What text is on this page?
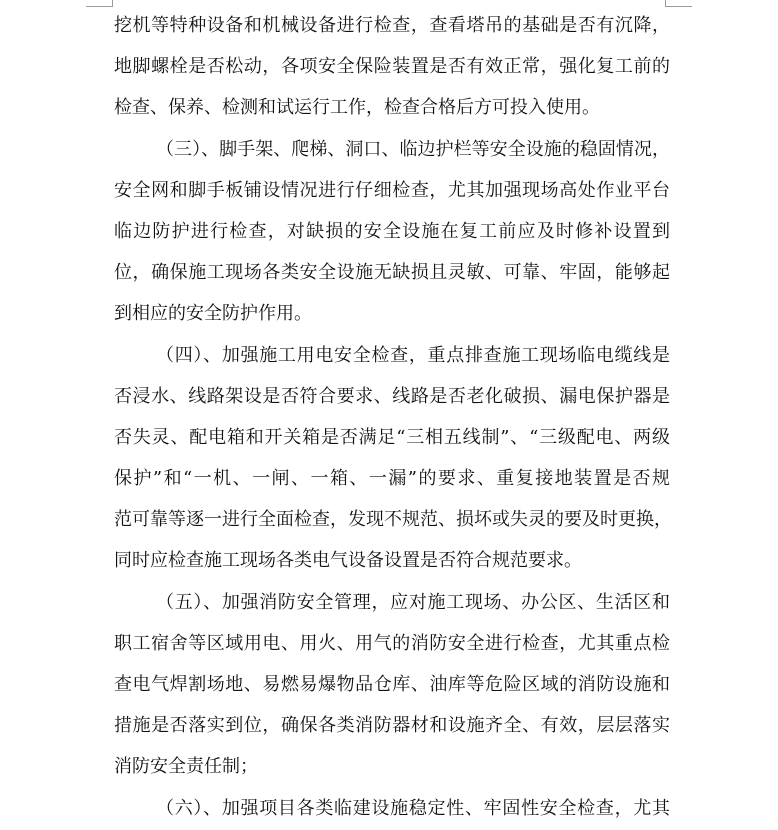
挖机等特种设备和机械设备进行检查，查看塔吊的基础是否有沉降，
地脚螺栓是否松动，各项安全保险装置是否有效正常，强化复工前的
检查、保养、检测和试运行工作，检查合格后方可投入使用。
（三）、脚手架、爬梯、洞口、临边护栏等安全设施的稳固情况，
安全网和脚手板铺设情况进行仔细检查，尤其加强现场高处作业平台
临边防护进行检查，对缺损的安全设施在复工前应及时修补设置到
位，确保施工现场各类安全设施无缺损且灵敏、可靠、牢固，能够起
到相应的安全防护作用。
（四）、加强施工用电安全检查，重点排查施工现场临电缆线是
否浸水、线路架设是否符合要求、线路是否老化破损、漏电保护器是
否失灵、配电箱和开关箱是否满足“三相五线制”、“三级配电、两级
保护”和“一机、一闸、一箱、一漏”的要求、重复接地装置是否规
范可靠等逐一进行全面检查，发现不规范、损坏或失灵的要及时更换，
同时应检查施工现场各类电气设备设置是否符合规范要求。
（五）、加强消防安全管理，应对施工现场、办公区、生活区和
职工宿舍等区域用电、用火、用气的消防安全进行检查，尤其重点检
查电气焊割场地、易燃易爆物品仓库、油库等危险区域的消防设施和
措施是否落实到位，确保各类消防器材和设施齐全、有效，层层落实
消防安全责任制；
（六）、加强项目各类临建设施稳定性、牢固性安全检查，尤其
